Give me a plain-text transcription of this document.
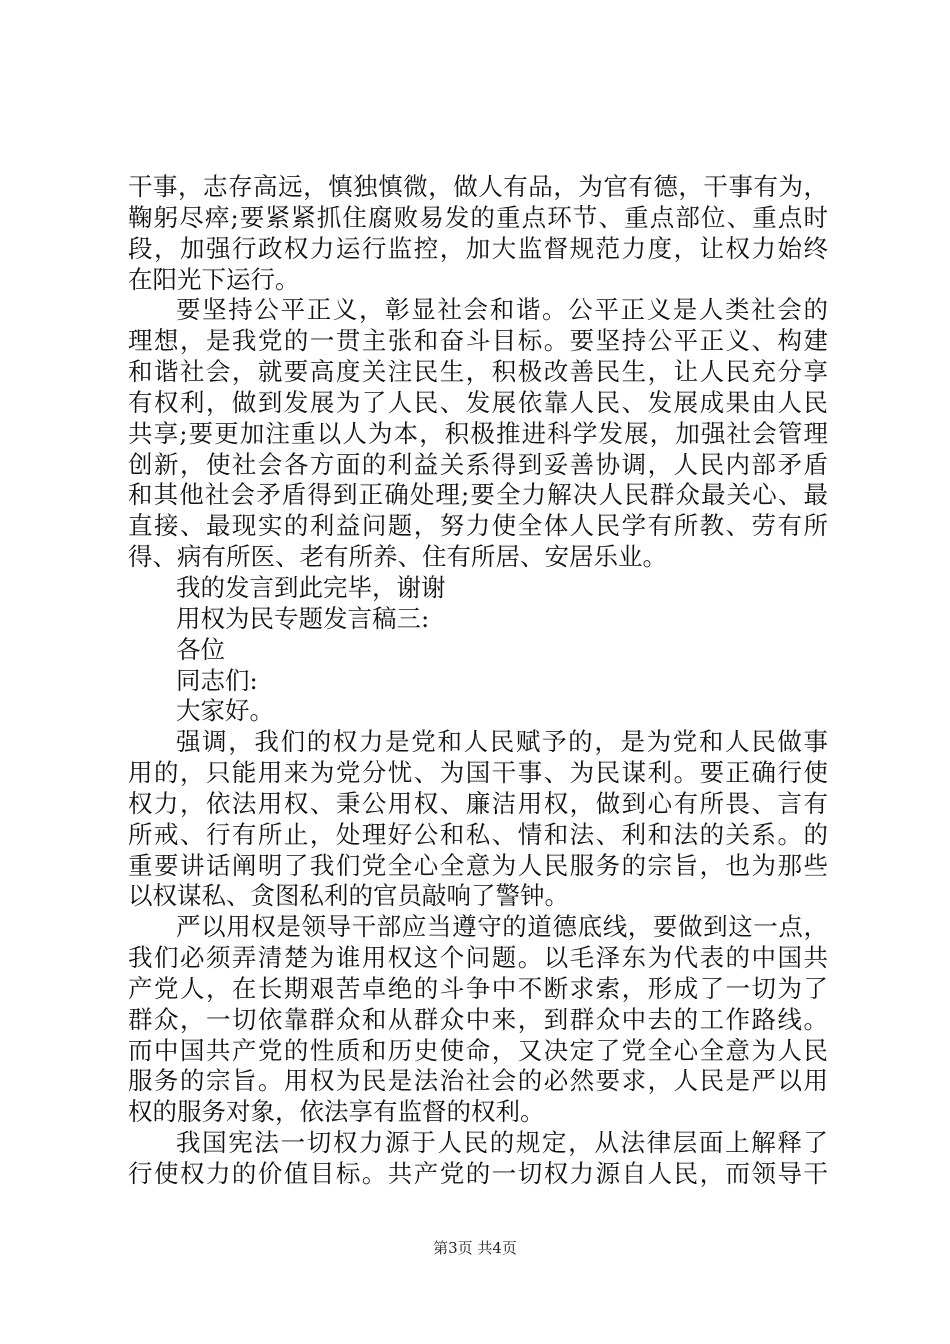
干事，志存高远，慎独慎微，做人有品，为官有德，干事有为，
鞠躬尽瘁;要紧紧抓住腐败易发的重点环节、重点部位、重点时
段，加强行政权力运行监控，加大监督规范力度，让权力始终
在阳光下运行。
要坚持公平正义，彰显社会和谐。公平正义是人类社会的
理想，是我党的一贯主张和奋斗目标。要坚持公平正义、构建
和谐社会，就要高度关注民生，积极改善民生，让人民充分享
有权利，做到发展为了人民、发展依靠人民、发展成果由人民
共享;要更加注重以人为本，积极推进科学发展，加强社会管理
创新，使社会各方面的利益关系得到妥善协调，人民内部矛盾
和其他社会矛盾得到正确处理;要全力解决人民群众最关心、最
直接、最现实的利益问题，努力使全体人民学有所教、劳有所
得、病有所医、老有所养、住有所居、安居乐业。
我的发言到此完毕，谢谢
用权为民专题发言稿三:
各位
同志们:
大家好。
强调，我们的权力是党和人民赋予的，是为党和人民做事
用的，只能用来为党分忧、为国干事、为民谋利。要正确行使
权力，依法用权、秉公用权、廉洁用权，做到心有所畏、言有
所戒、行有所止，处理好公和私、情和法、利和法的关系。的
重要讲话阐明了我们党全心全意为人民服务的宗旨，也为那些
以权谋私、贪图私利的官员敲响了警钟。
严以用权是领导干部应当遵守的道德底线，要做到这一点，
我们必须弄清楚为谁用权这个问题。以毛泽东为代表的中国共
产党人，在长期艰苦卓绝的斗争中不断求索，形成了一切为了
群众，一切依靠群众和从群众中来，到群众中去的工作路线。
而中国共产党的性质和历史使命，又决定了党全心全意为人民
服务的宗旨。用权为民是法治社会的必然要求，人民是严以用
权的服务对象，依法享有监督的权利。
我国宪法一切权力源于人民的规定，从法律层面上解释了
行使权力的价值目标。共产党的一切权力源自人民，而领导干
第3页 共4页
